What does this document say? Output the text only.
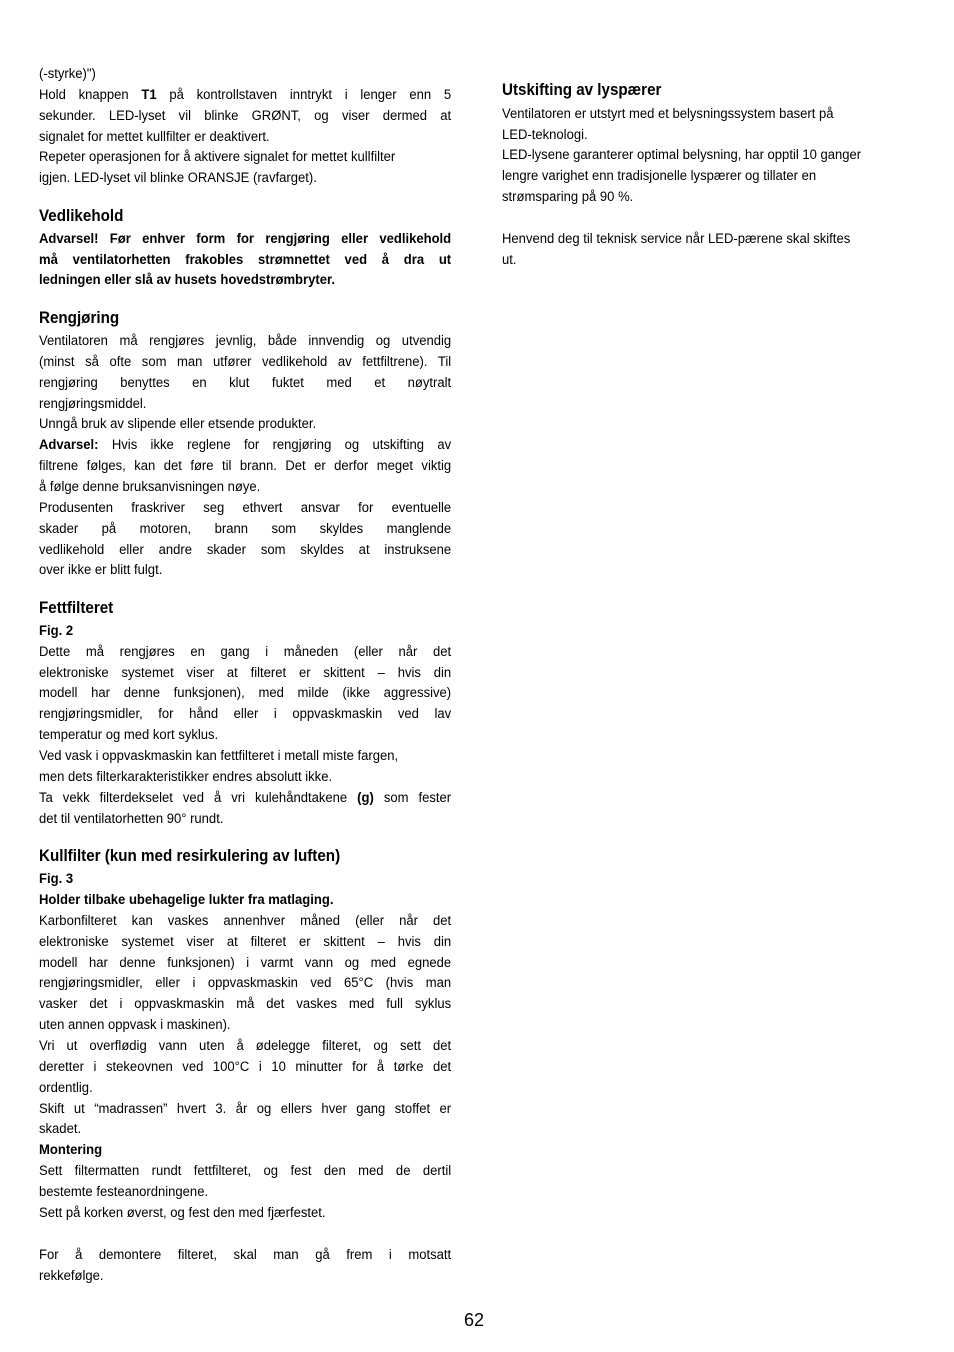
(-styrke)")
Hold knappen T1 på kontrollstaven inntrykt i lenger enn 5
sekunder. LED-lyset vil blinke GRØNT, og viser dermed at
signalet for mettet kullfilter er deaktivert.
Repeter operasjonen for å aktivere signalet for mettet kullfilter
igjen. LED-lyset vil blinke ORANSJE (ravfarget).
Vedlikehold
Advarsel! Før enhver form for rengjøring eller vedlikehold
må ventilatorhetten frakobles strømnettet ved å dra ut
ledningen eller slå av husets hovedstrømbryter.
Rengjøring
Ventilatoren må rengjøres jevnlig, både innvendig og utvendig
(minst så ofte som man utfører vedlikehold av fettfiltrene). Til
rengjøring benyttes en klut fuktet med et nøytralt
rengjøringsmiddel.
Unngå bruk av slipende eller etsende produkter.
Advarsel: Hvis ikke reglene for rengjøring og utskifting av
filtrene følges, kan det føre til brann. Det er derfor meget viktig
å følge denne bruksanvisningen nøye.
Produsenten fraskriver seg ethvert ansvar for eventuelle
skader på motoren, brann som skyldes manglende
vedlikehold eller andre skader som skyldes at instruksene
over ikke er blitt fulgt.
Fettfilteret
Fig. 2
Dette må rengjøres en gang i måneden (eller når det
elektroniske systemet viser at filteret er skittent – hvis din
modell har denne funksjonen), med milde (ikke aggressive)
rengjøringsmidler, for hånd eller i oppvaskmaskin ved lav
temperatur og med kort syklus.
Ved vask i oppvaskmaskin kan fettfilteret i metall miste fargen,
men dets filterkarakteristikker endres absolutt ikke.
Ta vekk filterdekselet ved å vri kulehåndtakene (g) som fester
det til ventilatorhetten 90° rundt.
Kullfilter (kun med resirkulering av luften)
Fig. 3
Holder tilbake ubehagelige lukter fra matlaging.
Karbonfilteret kan vaskes annenhver måned (eller når det
elektroniske systemet viser at filteret er skittent – hvis din
modell har denne funksjonen) i varmt vann og med egnede
rengjøringsmidler, eller i oppvaskmaskin ved 65°C (hvis man
vasker det i oppvaskmaskin må det vaskes med full syklus
uten annen oppvask i maskinen).
Vri ut overflødig vann uten å ødelegge filteret, og sett det
deretter i stekeovnen ved 100°C i 10 minutter for å tørke det
ordentlig.
Skift ut “madrassen” hvert 3. år og ellers hver gang stoffet er
skadet.
Montering
Sett filtermatten rundt fettfilteret, og fest den med de dertil
bestemte festeanordningene.
Sett på korken øverst, og fest den med fjærfestet.
For å demontere filteret, skal man gå frem i motsatt
rekkefølge.
Utskifting av lyspærer
Ventilatoren er utstyrt med et belysningssystem basert på
LED-teknologi.
LED-lysene garanterer optimal belysning, har opptil 10 ganger
lengre varighet enn tradisjonelle lyspærer og tillater en
strømsparing på 90 %.
Henvend deg til teknisk service når LED-pærene skal skiftes
ut.
62
